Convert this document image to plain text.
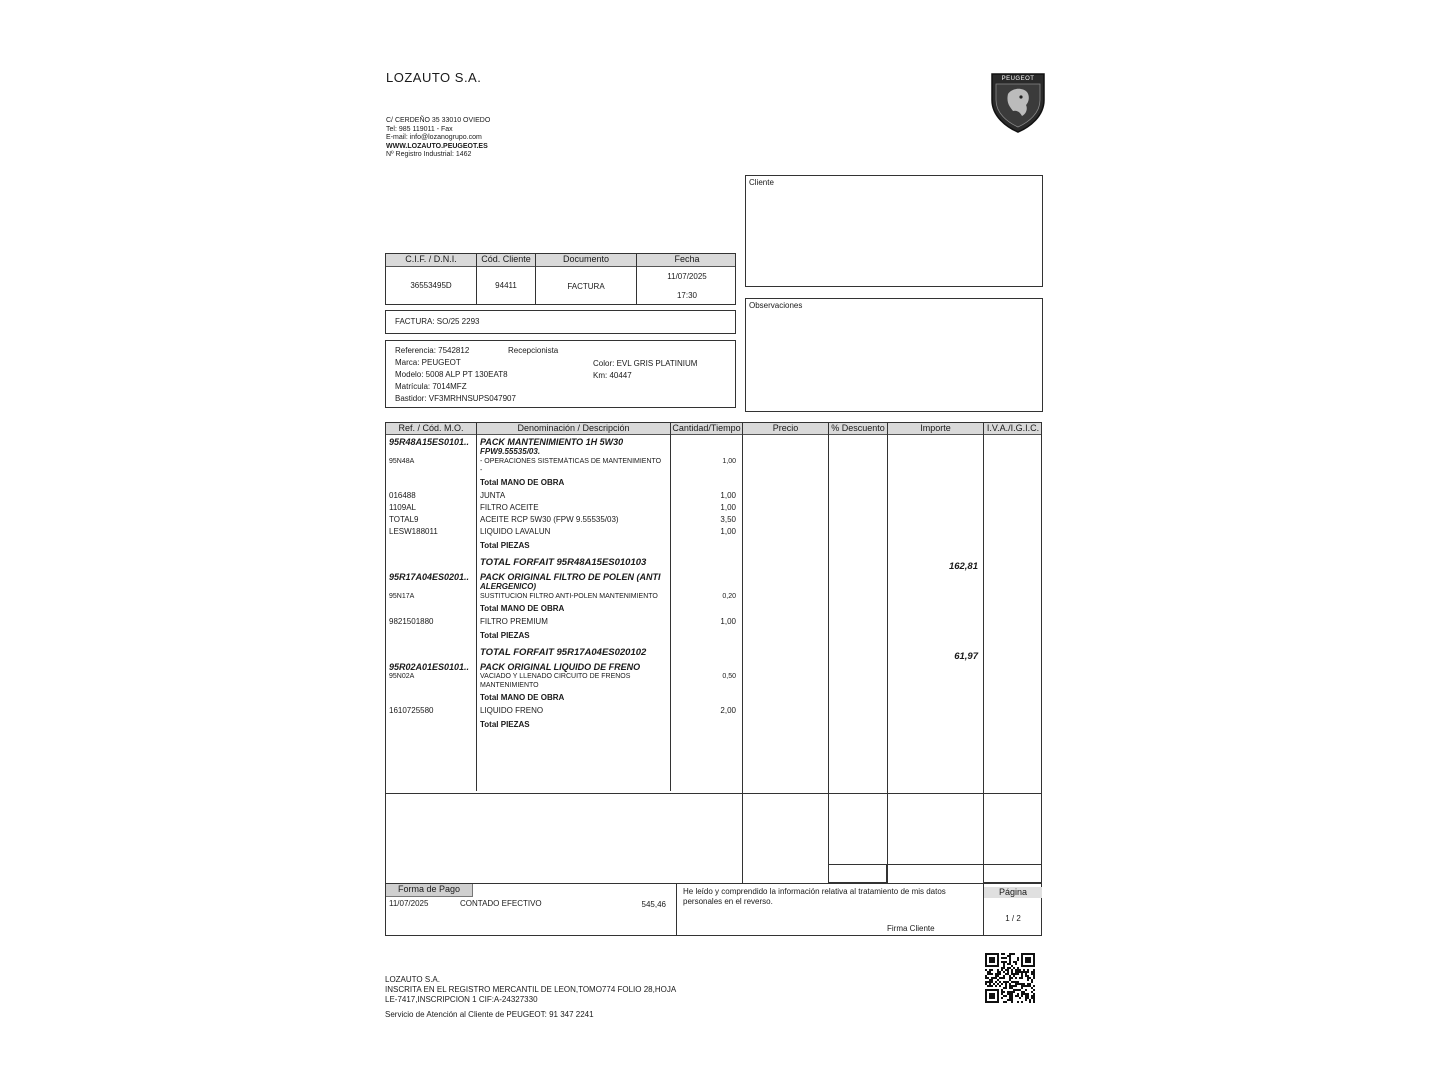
LOZAUTO S.A.
C/ CERDEÑO 35 33010 OVIEDO
Tel: 985 119011 - Fax
E-mail: info@lozanogrupo.com
WWW.LOZAUTO.PEUGEOT.ES
Nº Registro Industrial: 1462
PEUGEOT
Cliente
Observaciones
C.I.F. / D.N.I.	Cód. Cliente	Documento	Fecha
36553495D	94411	FACTURA
11/07/2025
17:30
FACTURA: SO/25 2293
Referencia: 7542812	Recepcionista
Marca: PEUGEOT	Color: EVL GRIS PLATINIUM
Modelo: 5008 ALP PT 130EAT8	Km: 40447
Matrícula: 7014MFZ
Bastidor: VF3MRHNSUPS047907
Ref. / Cód. M.O.	Denominación / Descripción	Cantidad/Tiempo	Precio	% Descuento	Importe	I.V.A./I.G.I.C.
95R48A15ES0101..	PACK MANTENIMIENTO 1H 5W30
FPW9.55535/03.
95N48A	- OPERACIONES SISTEMÁTICAS DE MANTENIMIENTO	1,00
-
Total MANO DE OBRA
016488	JUNTA	1,00
1109AL	FILTRO ACEITE	1,00
TOTAL9	ACEITE RCP 5W30 (FPW 9.55535/03)	3,50
LESW188011	LIQUIDO LAVALUN	1,00
Total PIEZAS
TOTAL FORFAIT 95R48A15ES010103	162,81
95R17A04ES0201..	PACK ORIGINAL FILTRO DE POLEN (ANTI
ALERGENICO)
95N17A	SUSTITUCION FILTRO ANTI-POLEN MANTENIMIENTO	0,20
Total MANO DE OBRA
9821501880	FILTRO PREMIUM	1,00
Total PIEZAS
TOTAL FORFAIT 95R17A04ES020102	61,97
95R02A01ES0101..	PACK ORIGINAL LIQUIDO DE FRENO
95N02A	VACIADO Y LLENADO CIRCUITO DE FRENOS	0,50
MANTENIMIENTO
Total MANO DE OBRA
1610725580	LIQUIDO FRENO	2,00
Total PIEZAS
Forma de Pago
11/07/2025	CONTADO EFECTIVO	545,46
He leído y comprendido la información relativa al tratamiento de mis datos personales en el reverso.
Firma Cliente
Página
1 / 2
LOZAUTO S.A.
INSCRITA EN EL REGISTRO MERCANTIL DE LEON,TOMO774 FOLIO 28,HOJA
LE-7417,INSCRIPCION 1 CIF:A-24327330
Servicio de Atención al Cliente de PEUGEOT: 91 347 2241
